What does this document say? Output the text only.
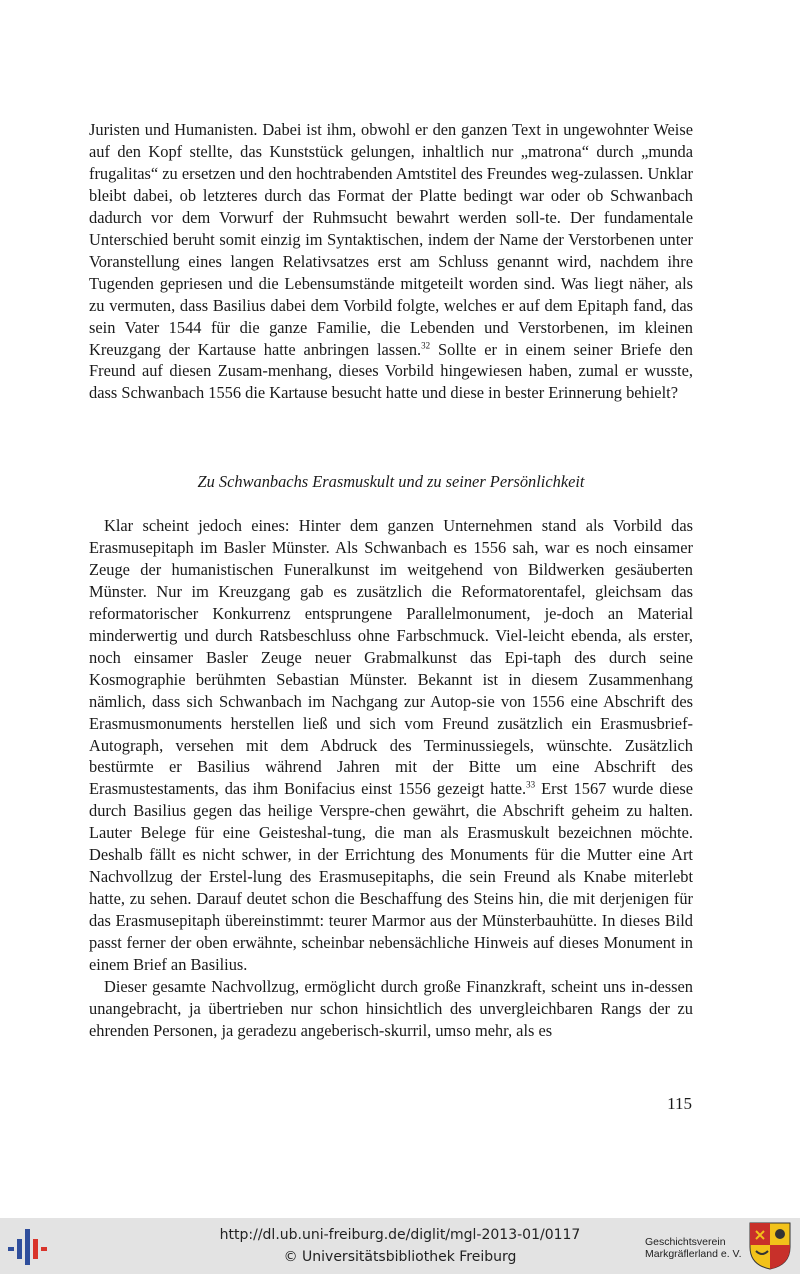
Juristen und Humanisten. Dabei ist ihm, obwohl er den ganzen Text in ungewohnter Weise auf den Kopf stellte, das Kunststück gelungen, inhaltlich nur „matrona“ durch „munda frugalitas“ zu ersetzen und den hochtrabenden Amtstitel des Freundes weg-zulassen. Unklar bleibt dabei, ob letzteres durch das Format der Platte bedingt war oder ob Schwanbach dadurch vor dem Vorwurf der Ruhmsucht bewahrt werden soll-te. Der fundamentale Unterschied beruht somit einzig im Syntaktischen, indem der Name der Verstorbenen unter Voranstellung eines langen Relativsatzes erst am Schluss genannt wird, nachdem ihre Tugenden gepriesen und die Lebensumstände mitgeteilt worden sind. Was liegt näher, als zu vermuten, dass Basilius dabei dem Vorbild folgte, welches er auf dem Epitaph fand, das sein Vater 1544 für die ganze Familie, die Lebenden und Verstorbenen, im kleinen Kreuzgang der Kartause hatte anbringen lassen.$^{32}$ Sollte er in einem seiner Briefe den Freund auf diesen Zusam-menhang, dieses Vorbild hingewiesen haben, zumal er wusste, dass Schwanbach 1556 die Kartause besucht hatte und diese in bester Erinnerung behielt?

Zu Schwanbachs Erasmuskult und zu seiner Persönlichkeit

Klar scheint jedoch eines: Hinter dem ganzen Unternehmen stand als Vorbild das Erasmusepitaph im Basler Münster. Als Schwanbach es 1556 sah, war es noch einsamer Zeuge der humanistischen Funeralkunst im weitgehend von Bildwerken gesäuberten Münster. Nur im Kreuzgang gab es zusätzlich die Reformatorentafel, gleichsam das reformatorischer Konkurrenz entsprungene Parallelmonument, je-doch an Material minderwertig und durch Ratsbeschluss ohne Farbschmuck. Viel-leicht ebenda, als erster, noch einsamer Basler Zeuge neuer Grabmalkunst das Epi-taph des durch seine Kosmographie berühmten Sebastian Münster. Bekannt ist in diesem Zusammenhang nämlich, dass sich Schwanbach im Nachgang zur Autop-sie von 1556 eine Abschrift des Erasmusmonuments herstellen ließ und sich vom Freund zusätzlich ein Erasmusbrief-Autograph, versehen mit dem Abdruck des Terminussiegels, wünschte. Zusätzlich bestürmte er Basilius während Jahren mit der Bitte um eine Abschrift des Erasmustestaments, das ihm Bonifacius einst 1556 gezeigt hatte.$^{33}$ Erst 1567 wurde diese durch Basilius gegen das heilige Verspre-chen gewährt, die Abschrift geheim zu halten. Lauter Belege für eine Geisteshal-tung, die man als Erasmuskult bezeichnen möchte. Deshalb fällt es nicht schwer, in der Errichtung des Monuments für die Mutter eine Art Nachvollzug der Erstel-lung des Erasmusepitaphs, die sein Freund als Knabe miterlebt hatte, zu sehen. Darauf deutet schon die Beschaffung des Steins hin, die mit derjenigen für das Erasmusepitaph übereinstimmt: teurer Marmor aus der Münsterbauhütte. In dieses Bild passt ferner der oben erwähnte, scheinbar nebensächliche Hinweis auf dieses Monument in einem Brief an Basilius.

Dieser gesamte Nachvollzug, ermöglicht durch große Finanzkraft, scheint uns in-dessen unangebracht, ja übertrieben nur schon hinsichtlich des unvergleichbaren Rangs der zu ehrenden Personen, ja geradezu angeberisch-skurril, umso mehr, als es

115
http://dl.ub.uni-freiburg.de/diglit/mgl-2013-01/0117
© Universitätsbibliothek Freiburg
Geschichtsverein
Markgräflerland e. V.
